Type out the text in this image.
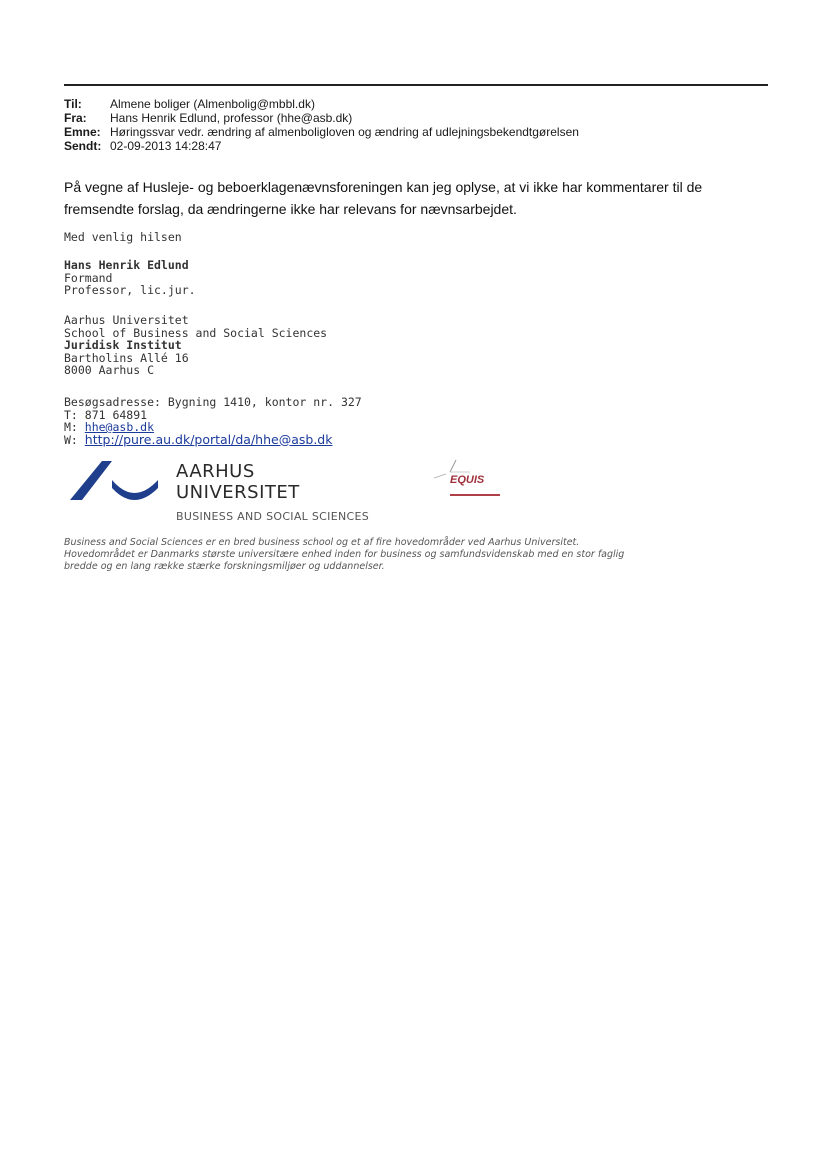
Til:	Almene boliger (Almenbolig@mbbl.dk)
Fra:	Hans Henrik Edlund, professor (hhe@asb.dk)
Emne: Høringssvar vedr. ændring af almenboligloven og ændring af udlejningsbekendtgørelsen
Sendt: 02-09-2013 14:28:47
På vegne af Husleje- og beboerklagenævnsforeningen kan jeg oplyse, at vi ikke har kommentarer til de
fremsendte forslag, da ændringerne ikke har relevans for nævnsarbejdet.
Med venlig hilsen
Hans Henrik Edlund
Formand
Professor, lic.jur.
Aarhus Universitet
School of Business and Social Sciences
Juridisk Institut
Bartholins Allé 16
8000 Aarhus C
Besøgsadresse: Bygning 1410, kontor nr. 327
T: 871 64891
M: hhe@asb.dk
W: http://pure.au.dk/portal/da/hhe@asb.dk
AARHUS
UNIVERSITET
BUSINESS AND SOCIAL SCIENCES
EQUIS
Business and Social Sciences er en bred business school og et af fire hovedområder ved Aarhus Universitet.
Hovedområdet er Danmarks største universitære enhed inden for business og samfundsvidenskab med en stor faglig
bredde og en lang række stærke forskningsmiljøer og uddannelser.
